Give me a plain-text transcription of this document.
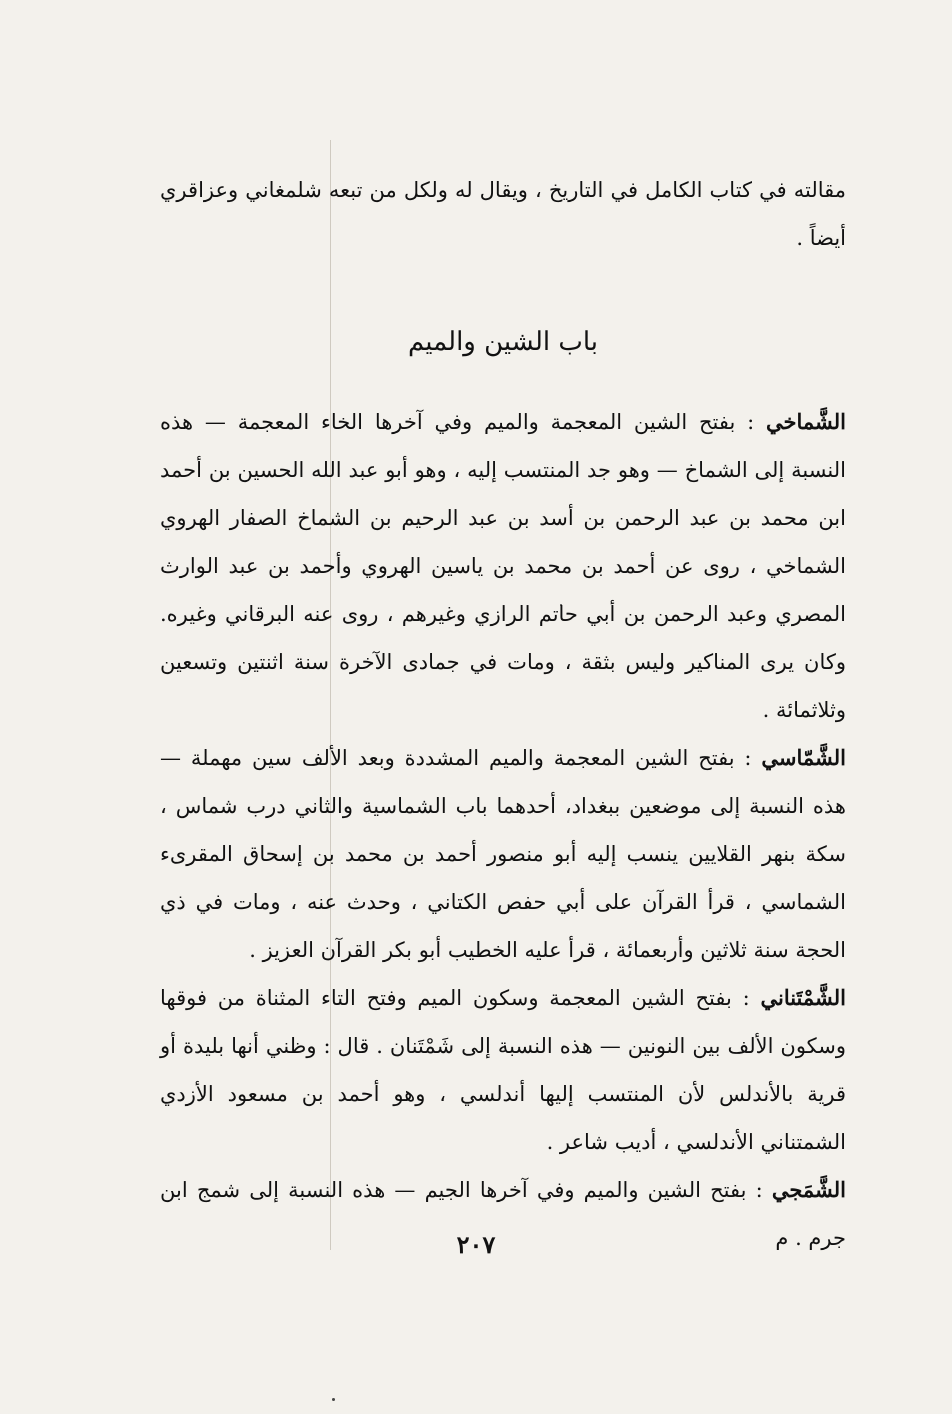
مقالته في كتاب الكامل في التاريخ ، ويقال له ولكل من تبعه شلمغاني وعزاقري أيضاً .

باب الشين والميم

الشَّماخي : بفتح الشين المعجمة والميم وفي آخرها الخاء المعجمة — هذه النسبة إلى الشماخ — وهو جد المنتسب إليه ، وهو أبو عبد الله الحسين بن أحمد ابن محمد بن عبد الرحمن بن أسد بن عبد الرحيم بن الشماخ الصفار الهروي الشماخي ، روى عن أحمد بن محمد بن ياسين الهروي وأحمد بن عبد الوارث المصري وعبد الرحمن بن أبي حاتم الرازي وغيرهم ، روى عنه البرقاني وغيره. وكان يرى المناكير وليس بثقة ، ومات في جمادى الآخرة سنة اثنتين وتسعين وثلاثمائة .

الشَّمّاسي : بفتح الشين المعجمة والميم المشددة وبعد الألف سين مهملة — هذه النسبة إلى موضعين ببغداد، أحدهما باب الشماسية والثاني درب شماس ، سكة بنهر القلايين ينسب إليه أبو منصور أحمد بن محمد بن إسحاق المقرىء الشماسي ، قرأ القرآن على أبي حفص الكتاني ، وحدث عنه ، ومات في ذي الحجة سنة ثلاثين وأربعمائة ، قرأ عليه الخطيب أبو بكر القرآن العزيز .

الشَّمْتَناني : بفتح الشين المعجمة وسكون الميم وفتح التاء المثناة من فوقها وسكون الألف بين النونين — هذه النسبة إلى شَمْتَنان . قال : وظني أنها بليدة أو قرية بالأندلس لأن المنتسب إليها أندلسي ، وهو أحمد بن مسعود الأزدي الشمتناني الأندلسي ، أديب شاعر .

الشَّمَجي : بفتح الشين والميم وفي آخرها الجيم — هذه النسبة إلى شمج ابن جرم . م

٢٠٧
